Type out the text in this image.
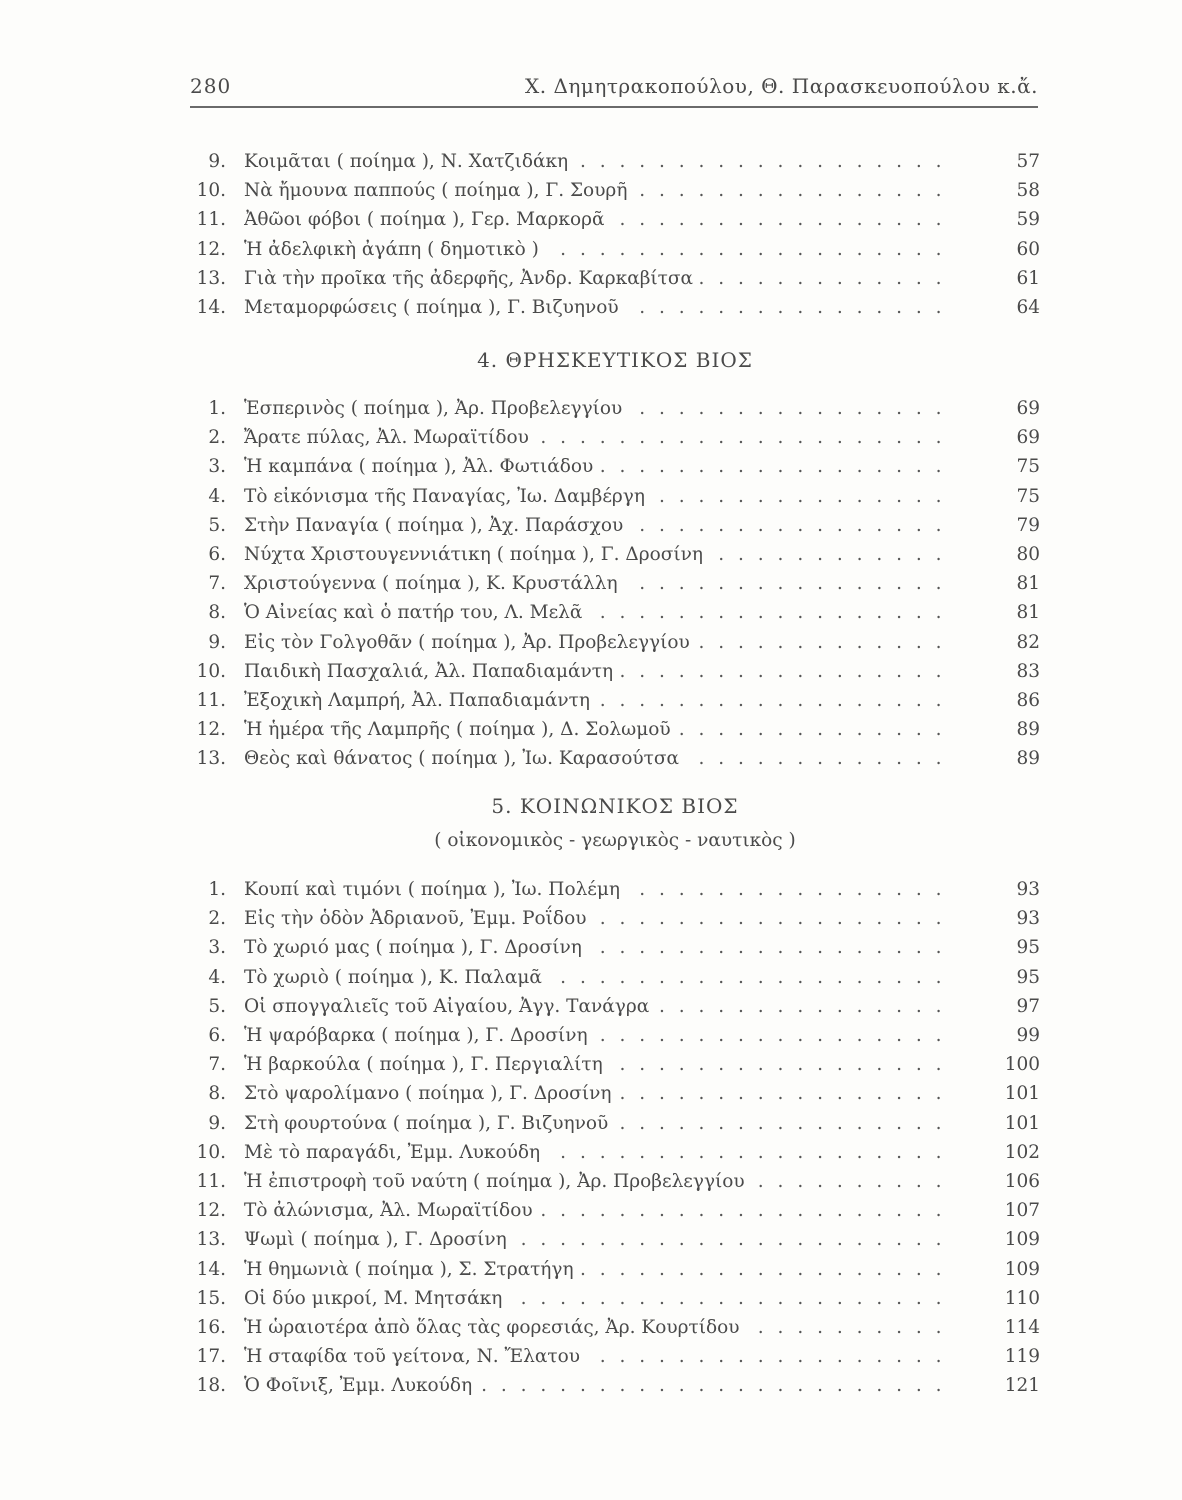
280	Χ. Δημητρακοπούλου, Θ. Παρασκευοπούλου κ.ἄ.
9. Κοιμᾶται ( ποίημα ), Ν. Χατζιδάκη . . .	57
10. Νὰ ἤμουνα παππούς ( ποίημα ), Γ. Σουρῆ . . .	58
11. Ἀθῶοι φόβοι ( ποίημα ), Γερ. Μαρκορᾶ . . .	59
12. Ἡ ἀδελφικὴ ἀγάπη ( δημοτικὸ ) . . .	60
13. Γιὰ τὴν προῖκα τῆς ἀδερφῆς, Ἀνδρ. Καρκαβίτσα . . .	61
14. Μεταμορφώσεις ( ποίημα ), Γ. Βιζυηνοῦ . . .	64
4. ΘΡΗΣΚΕΥΤΙΚΟΣ ΒΙΟΣ
1. Ἑσπερινὸς ( ποίημα ), Ἀρ. Προβελεγγίου . . .	69
2. Ἄρατε πύλας, Ἀλ. Μωραϊτίδου . . .	69
3. Ἡ καμπάνα ( ποίημα ), Ἀλ. Φωτιάδου . . .	75
4. Τὸ εἰκόνισμα τῆς Παναγίας, Ἰω. Δαμβέργη . . .	75
5. Στὴν Παναγία ( ποίημα ), Ἀχ. Παράσχου . . .	79
6. Νύχτα Χριστουγεννιάτικη ( ποίημα ), Γ. Δροσίνη . . .	80
7. Χριστούγεννα ( ποίημα ), Κ. Κρυστάλλη . . .	81
8. Ὁ Αἰνείας καὶ ὁ πατήρ του, Λ. Μελᾶ . . .	81
9. Εἰς τὸν Γολγοθᾶν ( ποίημα ), Ἀρ. Προβελεγγίου . . .	82
10. Παιδικὴ Πασχαλιά, Ἀλ. Παπαδιαμάντη . . .	83
11. Ἐξοχικὴ Λαμπρή, Ἀλ. Παπαδιαμάντη . . .	86
12. Ἡ ἡμέρα τῆς Λαμπρῆς ( ποίημα ), Δ. Σολωμοῦ . . .	89
13. Θεὸς καὶ θάνατος ( ποίημα ), Ἰω. Καρασούτσα . . .	89
5. ΚΟΙΝΩΝΙΚΟΣ ΒΙΟΣ
( οἰκονομικὸς - γεωργικὸς - ναυτικὸς )
1. Κουπί καὶ τιμόνι ( ποίημα ), Ἰω. Πολέμη . . .	93
2. Εἰς τὴν ὁδὸν Ἀδριανοῦ, Ἐμμ. Ροΐδου . . .	93
3. Τὸ χωριό μας ( ποίημα ), Γ. Δροσίνη . . .	95
4. Τὸ χωριὸ ( ποίημα ), Κ. Παλαμᾶ . . .	95
5. Οἱ σπογγαλιεῖς τοῦ Αἰγαίου, Ἀγγ. Τανάγρα . . .	97
6. Ἡ ψαρόβαρκα ( ποίημα ), Γ. Δροσίνη . . .	99
7. Ἡ βαρκούλα ( ποίημα ), Γ. Περγιαλίτη . . .	100
8. Στὸ ψαρολίμανο ( ποίημα ), Γ. Δροσίνη . . .	101
9. Στὴ φουρτούνα ( ποίημα ), Γ. Βιζυηνοῦ . . .	101
10. Μὲ τὸ παραγάδι, Ἐμμ. Λυκούδη . . .	102
11. Ἡ ἐπιστροφὴ τοῦ ναύτη ( ποίημα ), Ἀρ. Προβελεγγίου . . .	106
12. Τὸ ἀλώνισμα, Ἀλ. Μωραϊτίδου . . .	107
13. Ψωμὶ ( ποίημα ), Γ. Δροσίνη . . .	109
14. Ἡ θημωνιὰ ( ποίημα ), Σ. Στρατήγη . . .	109
15. Οἱ δύο μικροί, Μ. Μητσάκη . . .	110
16. Ἡ ὡραιοτέρα ἀπὸ ὅλας τὰς φορεσιάς, Ἀρ. Κουρτίδου . . .	114
17. Ἡ σταφίδα τοῦ γείτονα, Ν. Ἔλατου . . .	119
18. Ὁ Φοῖνιξ, Ἐμμ. Λυκούδη . . .	121
